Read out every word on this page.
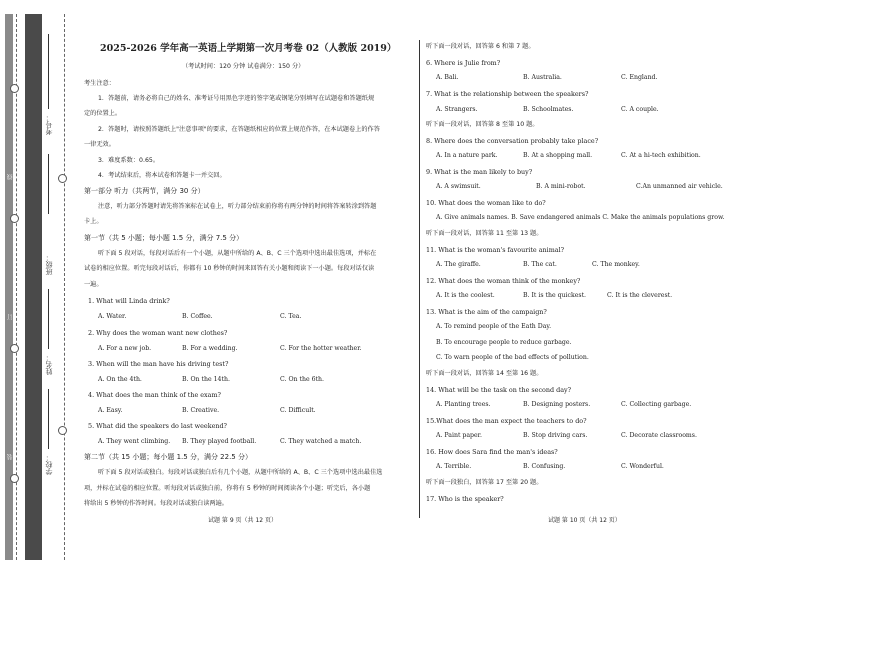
学校：
姓名：
班级：
考号：
线
订
装
2025-2026 学年高一英语上学期第一次月考卷 02（人教版 2019）
（考试时间：120 分钟 试卷满分：150 分）
考生注意：
1．答题前，请务必将自己的姓名、准考证号用黑色字迹的签字笔或钢笔分别填写在试题卷和答题纸规
定的位置上。
2．答题时，请按照答题纸上"注意事项"的要求，在答题纸相应的位置上规范作答，在本试题卷上的作答
一律无效。
3．难度系数：0.65。
4．考试结束后，将本试卷和答题卡一并交回。
第一部分 听力（共两节，满分 30 分）
注意，听力部分答题时请先将答案标在试卷上，听力部分结束前你将有两分钟的时间将答案转涂到答题
卡上。
第一节（共 5 小题；每小题 1.5 分，满分 7.5 分）
听下面 5 段对话，每段对话后有一个小题，从题中所给的 A、B、C 三个选项中选出最佳选项，并标在
试卷的相应位置。听完每段对话后，你都有 10 秒钟的时间来回答有关小题和阅读下一小题。每段对话仅读
一遍。
1. What will Linda drink?
A. Water.	B. Coffee.	C. Tea.
2. Why does the woman want new clothes?
A. For a new job.	B. For a wedding.	C. For the hotter weather.
3. When will the man have his driving test?
A. On the 4th.	B. On the 14th.	C. On the 6th.
4. What does the man think of the exam?
A. Easy.	B. Creative.	C. Difficult.
5. What did the speakers do last weekend?
A. They went climbing. B. They played football.	C. They watched a match.
第二节（共 15 小题；每小题 1.5 分，满分 22.5 分）
听下面 5 段对话或独白。每段对话或独白后有几个小题，从题中所给的 A、B、C 三个选项中选出最佳选
项，并标在试卷的相应位置。听每段对话或独白前，你将有 5 秒钟的时间阅读各个小题；听完后，各小题
将给出 5 秒钟的作答时间。每段对话或独白读两遍。
试题 第 9 页（共 12 页）
听下面一段对话，回答第 6 和第 7 题。
6. Where is Julie from?
A. Bali.	B. Australia.	C. England.
7. What is the relationship between the speakers?
A. Strangers.	B. Schoolmates.	C. A couple.
听下面一段对话，回答第 8 至第 10 题。
8. Where does the conversation probably take place?
A. In a nature park.	B. At a shopping mall.	C. At a hi-tech exhibition.
9. What is the man likely to buy?
A. A swimsuit.	B. A mini-robot.	C.An unmanned air vehicle.
10. What does the woman like to do?
A. Give animals names. B. Save endangered animals C. Make the animals populations grow.
听下面一段对话，回答第 11 至第 13 题。
11. What is the woman's favourite animal?
A. The giraffe.	B. The cat.	C. The monkey.
12. What does the woman think of the monkey?
A. It is the coolest.	B. It is the quickest.	C. It is the cleverest.
13. What is the aim of the campaign?
A. To remind people of the Eath Day.
B. To encourage people to reduce garbage.
C. To warn people of the bad effects of pollution.
听下面一段对话，回答第 14 至第 16 题。
14. What will be the task on the second day?
A. Planting trees.	B. Designing posters.	C. Collecting garbage.
15.What does the man expect the teachers to do?
A. Paint paper.	B. Stop driving cars.	C. Decorate classrooms.
16. How does Sara find the man's ideas?
A. Terrible.	B. Confusing.	C. Wonderful.
听下面一段独白，回答第 17 至第 20 题。
17. Who is the speaker?
试题 第 10 页（共 12 页）
